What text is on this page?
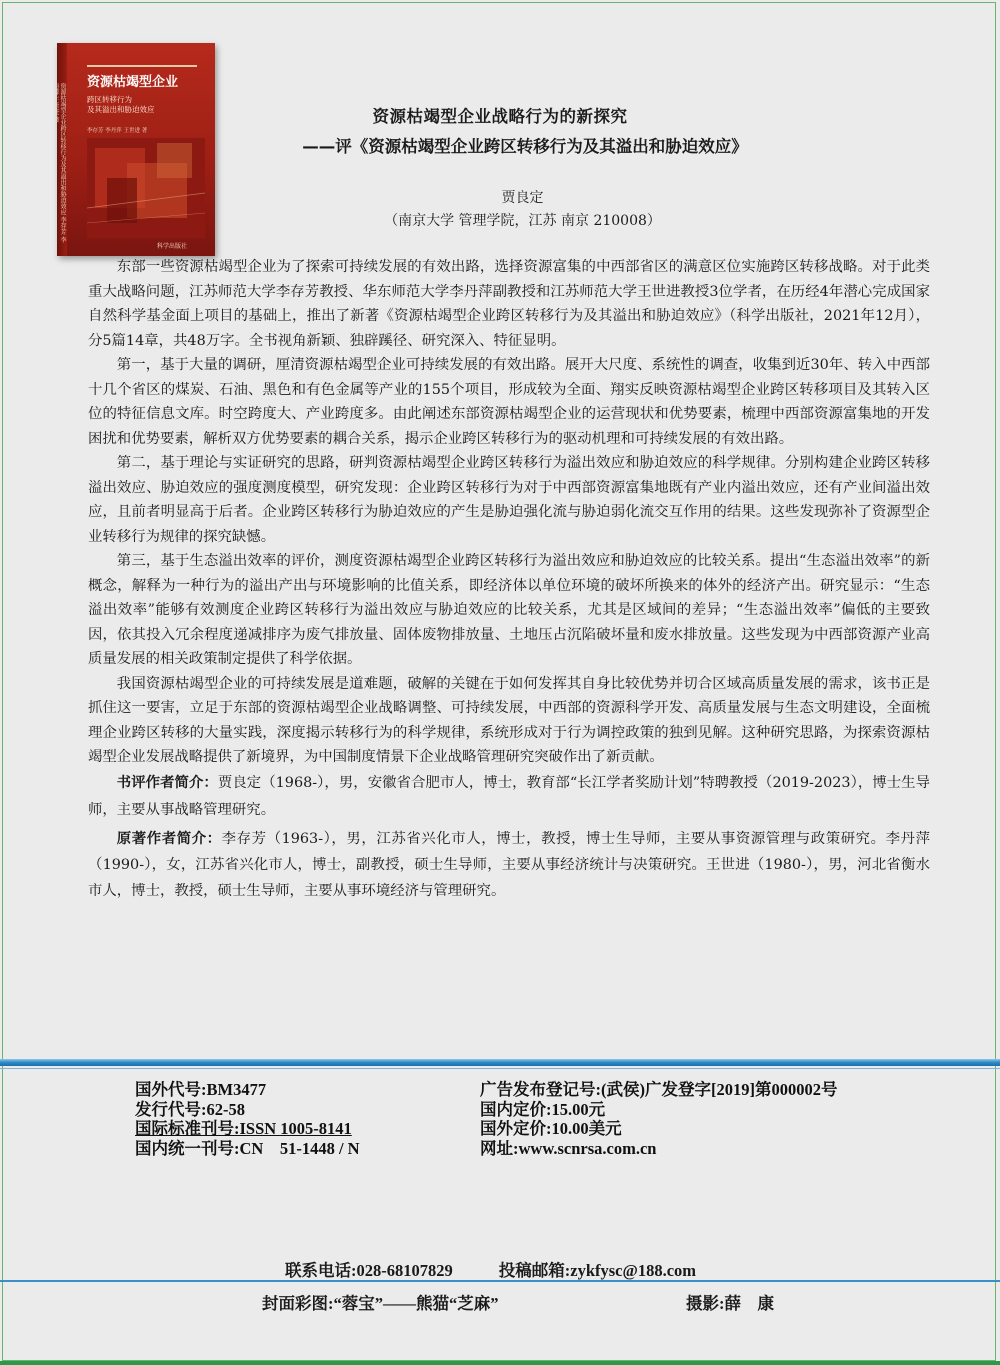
资源枯竭型企业跨区转移行为及其溢出和胁迫效应 李存芳 李丹萍 王世进 著
资源枯竭型企业
跨区转移行为
及其溢出和胁迫效应
李存芳 李丹萍 王世进 著
科学出版社
资源枯竭型企业战略行为的新探究
——评《资源枯竭型企业跨区转移行为及其溢出和胁迫效应》
贾良定
（南京大学 管理学院，江苏 南京 210008）

东部一些资源枯竭型企业为了探索可持续发展的有效出路，选择资源富集的中西部省区的满意区位实施跨区转移战略。对于此类重大战略问题，江苏师范大学李存芳教授、华东师范大学李丹萍副教授和江苏师范大学王世进教授3位学者，在历经4年潜心完成国家自然科学基金面上项目的基础上，推出了新著《资源枯竭型企业跨区转移行为及其溢出和胁迫效应》（科学出版社，2021年12月），分5篇14章，共48万字。全书视角新颖、独辟蹊径、研究深入、特征显明。

第一，基于大量的调研，厘清资源枯竭型企业可持续发展的有效出路。展开大尺度、系统性的调查，收集到近30年、转入中西部十几个省区的煤炭、石油、黑色和有色金属等产业的155个项目，形成较为全面、翔实反映资源枯竭型企业跨区转移项目及其转入区位的特征信息文库。时空跨度大、产业跨度多。由此阐述东部资源枯竭型企业的运营现状和优势要素，梳理中西部资源富集地的开发困扰和优势要素，解析双方优势要素的耦合关系，揭示企业跨区转移行为的驱动机理和可持续发展的有效出路。

第二，基于理论与实证研究的思路，研判资源枯竭型企业跨区转移行为溢出效应和胁迫效应的科学规律。分别构建企业跨区转移溢出效应、胁迫效应的强度测度模型，研究发现：企业跨区转移行为对于中西部资源富集地既有产业内溢出效应，还有产业间溢出效应，且前者明显高于后者。企业跨区转移行为胁迫效应的产生是胁迫强化流与胁迫弱化流交互作用的结果。这些发现弥补了资源型企业转移行为规律的探究缺憾。

第三，基于生态溢出效率的评价，测度资源枯竭型企业跨区转移行为溢出效应和胁迫效应的比较关系。提出“生态溢出效率”的新概念，解释为一种行为的溢出产出与环境影响的比值关系，即经济体以单位环境的破坏所换来的体外的经济产出。研究显示：“生态溢出效率”能够有效测度企业跨区转移行为溢出效应与胁迫效应的比较关系，尤其是区域间的差异；“生态溢出效率”偏低的主要致因，依其投入冗余程度递减排序为废气排放量、固体废物排放量、土地压占沉陷破坏量和废水排放量。这些发现为中西部资源产业高质量发展的相关政策制定提供了科学依据。

我国资源枯竭型企业的可持续发展是道难题，破解的关键在于如何发挥其自身比较优势并切合区域高质量发展的需求，该书正是抓住这一要害，立足于东部的资源枯竭型企业战略调整、可持续发展，中西部的资源科学开发、高质量发展与生态文明建设，全面梳理企业跨区转移的大量实践，深度揭示转移行为的科学规律，系统形成对于行为调控政策的独到见解。这种研究思路，为探索资源枯竭型企业发展战略提供了新境界，为中国制度情景下企业战略管理研究突破作出了新贡献。

书评作者简介：贾良定（1968-），男，安徽省合肥市人，博士，教育部“长江学者奖励计划”特聘教授（2019-2023），博士生导师，主要从事战略管理研究。

原著作者简介：李存芳（1963-），男，江苏省兴化市人，博士，教授，博士生导师，主要从事资源管理与政策研究。李丹萍（1990-），女，江苏省兴化市人，博士，副教授，硕士生导师，主要从事经济统计与决策研究。王世进（1980-），男，河北省衡水市人，博士，教授，硕士生导师，主要从事环境经济与管理研究。

国外代号:BM3477
发行代号:62-58
国际标准刊号:ISSN 1005-8141
国内统一刊号:CN　51-1448 / N
广告发布登记号:(武侯)广发登字[2019]第000002号
国内定价:15.00元
国外定价:10.00美元
网址:www.scnrsa.com.cn
联系电话:028-68107829	投稿邮箱:zykfysc@188.com
封面彩图:“蓉宝”——熊猫“芝麻”	摄影:薛　康
